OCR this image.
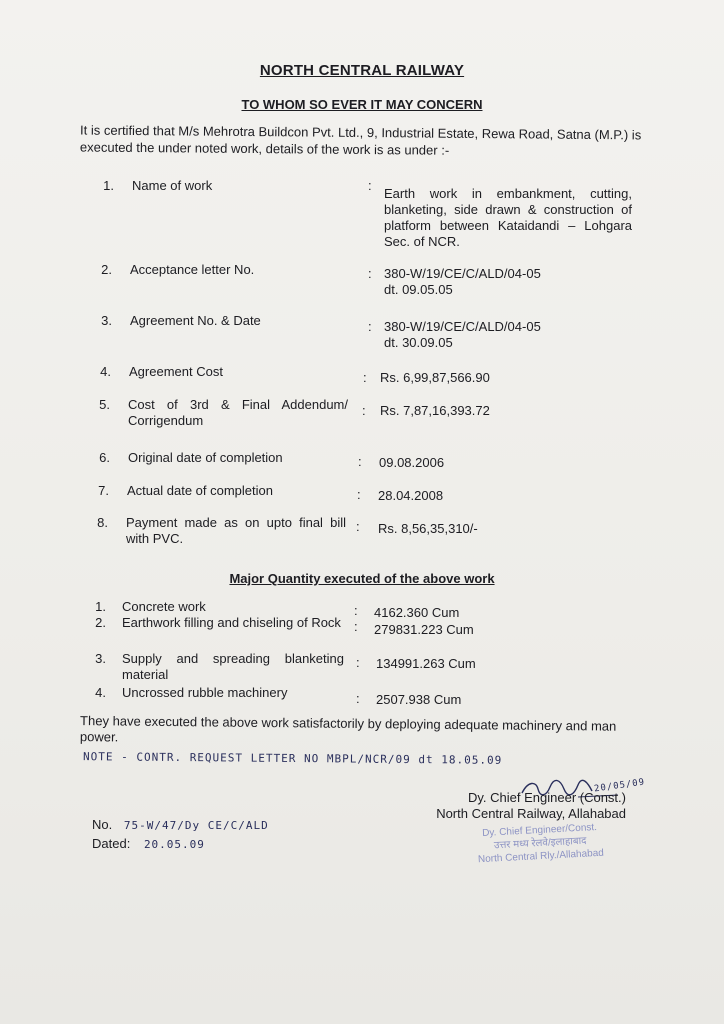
NORTH CENTRAL RAILWAY
TO WHOM SO EVER IT MAY CONCERN
It is certified that M/s Mehrotra Buildcon Pvt. Ltd., 9, Industrial Estate, Rewa Road, Satna (M.P.) is executed the under noted work, details of the work is as under :-
1. Name of work	:
Earth work in embankment, cutting, blanketing, side drawn & construction of platform between Kataidandi – Lohgara Sec. of NCR.
2. Acceptance letter No.	: 380-W/19/CE/C/ALD/04-05 dt. 09.05.05
3. Agreement No. & Date	: 380-W/19/CE/C/ALD/04-05 dt. 30.09.05
4. Agreement Cost	: Rs. 6,99,87,566.90
5. Cost of 3rd & Final Addendum/ Corrigendum
: Rs. 7,87,16,393.72
6. Original date of completion	: 09.08.2006
7. Actual date of completion	: 28.04.2008
8. Payment made as on upto final bill with PVC.
: Rs. 8,56,35,310/-
Major Quantity executed of the above work
1. Concrete work	: 4162.360 Cum
2. Earthwork filling and chiseling of Rock : 279831.223 Cum
3. Supply and spreading blanketing material
: 134991.263 Cum
4. Uncrossed rubble machinery	: 2507.938 Cum
They have executed the above work satisfactorily by deploying adequate machinery and man power.
NOTE - CONTR. REQUEST LETTER NO MBPL/NCR/09 dt 18.05.09
20/05/09
Dy. Chief Engineer/Const.
उत्तर मध्य रेलवे/इलाहाबाद
North Central Rly./Allahabad
Dy. Chief Engineer (Const.)
North Central Railway, Allahabad
No. 75-W/47/Dy CE/C/ALD
Dated: 20.05.09
